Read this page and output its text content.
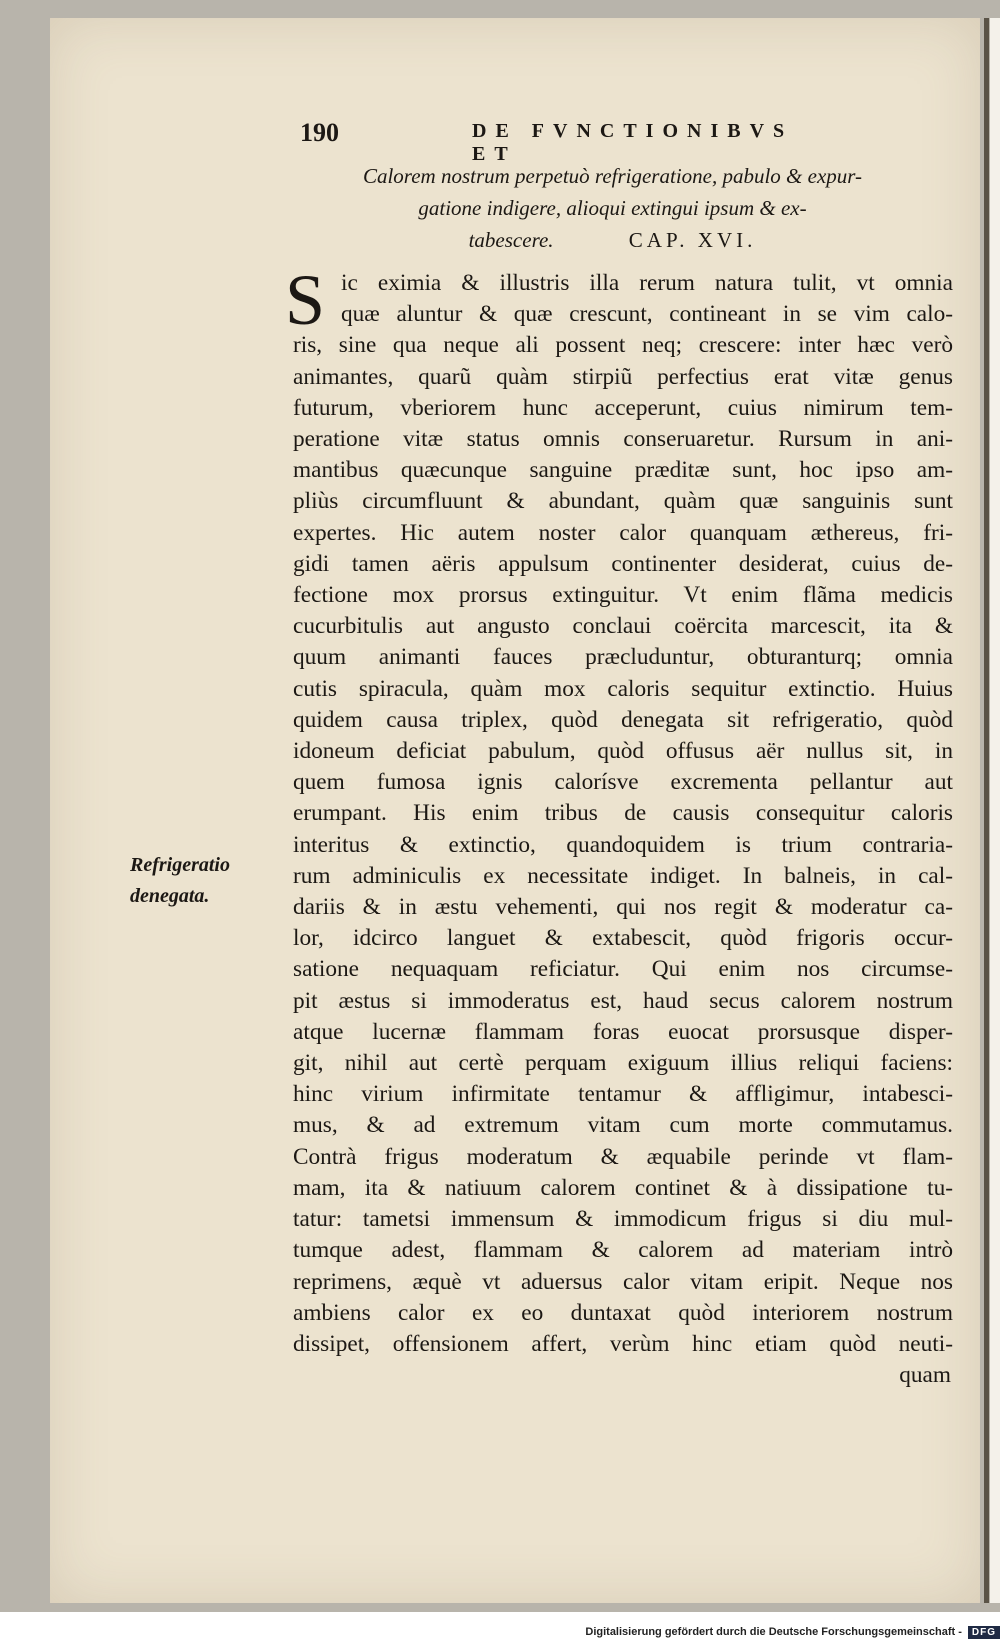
190	DE FVNCTIONIBVS ET
Calorem nostrum perpetuò refrigeratione, pabulo & expur-
gatione indigere, alioqui extingui ipsum & ex-
tabescere.	CAP. XVI.
S ic eximia & illustris illa rerum natura tulit, vt omnia
quæ aluntur & quæ crescunt, contineant in se vim calo-
ris, sine qua neque ali possent neq; crescere: inter hæc verò
animantes, quarũ quàm stirpiũ perfectius erat vitæ genus
futurum, vberiorem hunc acceperunt, cuius nimirum tem-
peratione vitæ status omnis conseruaretur. Rursum in ani-
mantibus quæcunque sanguine præditæ sunt, hoc ipso am-
pliùs circumfluunt & abundant, quàm quæ sanguinis sunt
expertes. Hic autem noster calor quanquam æthereus, fri-
gidi tamen aëris appulsum continenter desiderat, cuius de-
fectione mox prorsus extinguitur. Vt enim flãma medicis
cucurbitulis aut angusto conclaui coërcita marcescit, ita &
quum animanti fauces præcluduntur, obturanturq; omnia
cutis spiracula, quàm mox caloris sequitur extinctio. Huius
quidem causa triplex, quòd denegata sit refrigeratio, quòd
idoneum deficiat pabulum, quòd offusus aër nullus sit, in
quem fumosa ignis calorísve excrementa pellantur aut
erumpant. His enim tribus de causis consequitur caloris
interitus & extinctio, quandoquidem is trium contraria-
rum adminiculis ex necessitate indiget. In balneis, in cal-
dariis & in æstu vehementi, qui nos regit & moderatur ca-
lor, idcirco languet & extabescit, quòd frigoris occur-
satione nequaquam reficiatur. Qui enim nos circumse-
pit æstus si immoderatus est, haud secus calorem nostrum
atque lucernæ flammam foras euocat prorsusque disper-
git, nihil aut certè perquam exiguum illius reliqui faciens:
hinc virium infirmitate tentamur & affligimur, intabesci-
mus, & ad extremum vitam cum morte commutamus.
Contrà frigus moderatum & æquabile perinde vt flam-
mam, ita & natiuum calorem continet & à dissipatione tu-
tatur: tametsi immensum & immodicum frigus si diu mul-
tumque adest, flammam & calorem ad materiam intrò
reprimens, æquè vt aduersus calor vitam eripit. Neque nos
ambiens calor ex eo duntaxat quòd interiorem nostrum
dissipet, offensionem affert, verùm hinc etiam quòd neuti-
quam
Refrigeratio
denegata.
Digitalisierung gefördert durch die Deutsche Forschungsgemeinschaft -	DFG
